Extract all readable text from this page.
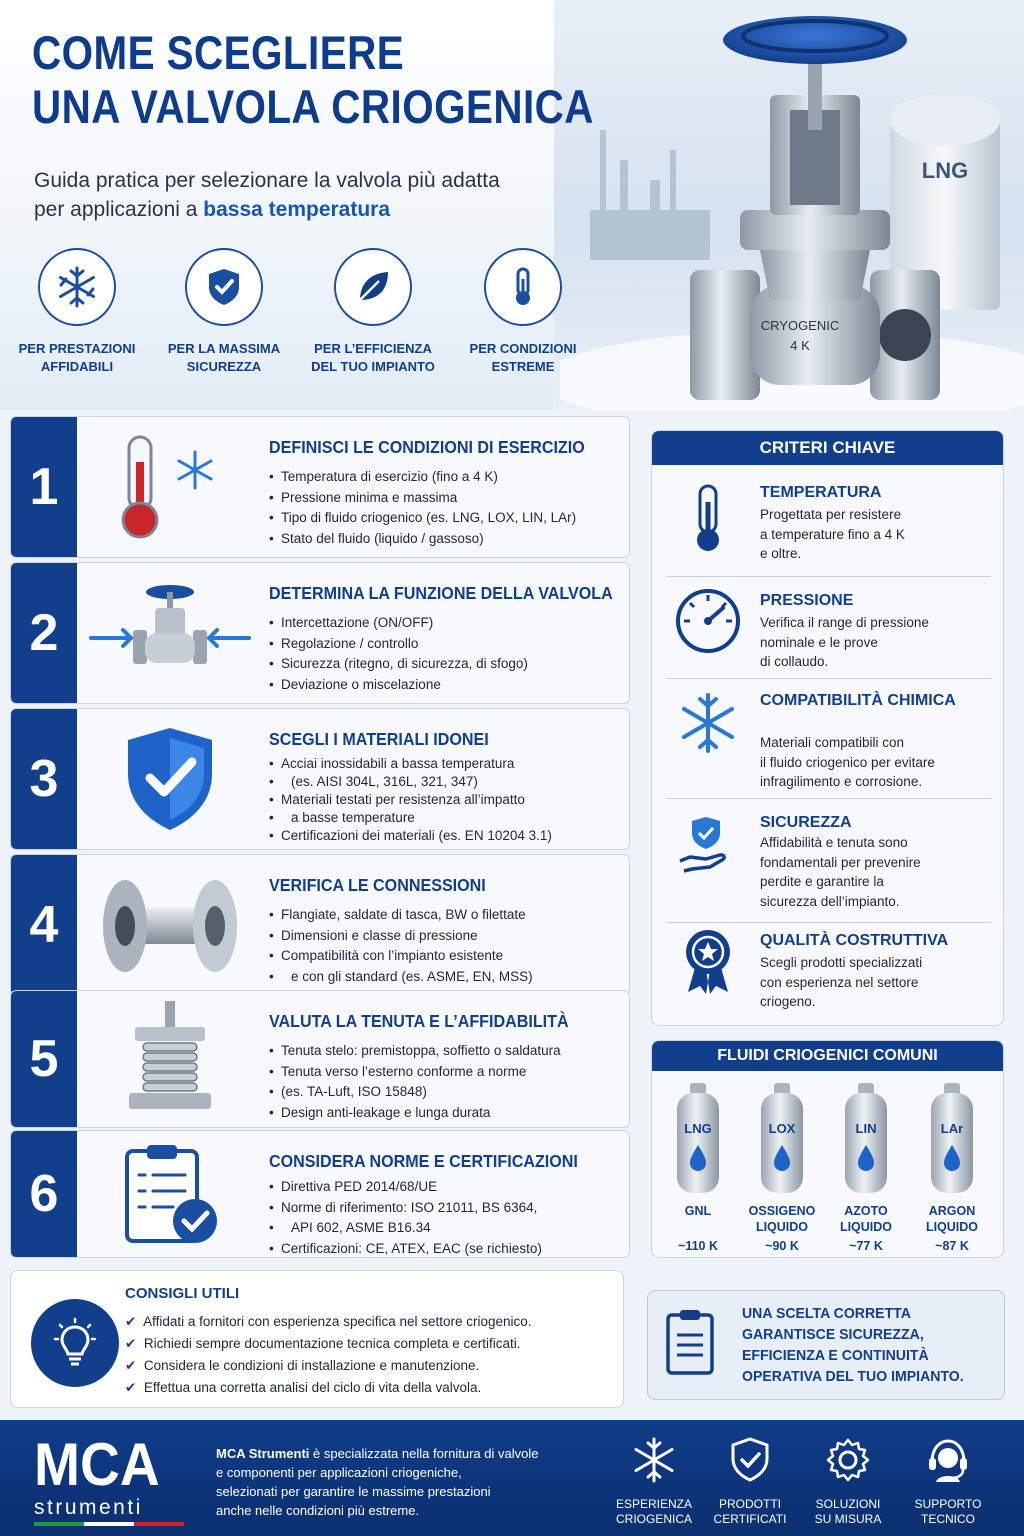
LNG
CRYOGENIC
4 K
COME SCEGLIERE
UNA VALVOLA CRIOGENICA
Guida pratica per selezionare la valvola più adatta
per applicazioni a bassa temperatura
PER PRESTAZIONI
AFFIDABILI
PER LA MASSIMA
SICUREZZA
PER L’EFFICIENZA
DEL TUO IMPIANTO
PER CONDIZIONI
ESTREME
1
DEFINISCI LE CONDIZIONI DI ESERCIZIO
• Temperatura di esercizio (fino a 4 K)
• Pressione minima e massima
• Tipo di fluido criogenico (es. LNG, LOX, LIN, LAr)
• Stato del fluido (liquido / gassoso)
2
DETERMINA LA FUNZIONE DELLA VALVOLA
• Intercettazione (ON/OFF)
• Regolazione / controllo
• Sicurezza (ritegno, di sicurezza, di sfogo)
• Deviazione o miscelazione
3
SCEGLI I MATERIALI IDONEI
• Acciai inossidabili a bassa temperatura
• (es. AISI 304L, 316L, 321, 347)
• Materiali testati per resistenza all’impatto
• a basse temperature
• Certificazioni dei materiali (es. EN 10204 3.1)
4
VERIFICA LE CONNESSIONI
• Flangiate, saldate di tasca, BW o filettate
• Dimensioni e classe di pressione
• Compatibilità con l’impianto esistente
• e con gli standard (es. ASME, EN, MSS)
5
VALUTA LA TENUTA E L’AFFIDABILITÀ
• Tenuta stelo: premistoppa, soffietto o saldatura
• Tenuta verso l’esterno conforme a norme
• (es. TA-Luft, ISO 15848)
• Design anti-leakage e lunga durata
6
CONSIDERA NORME E CERTIFICAZIONI
• Direttiva PED 2014/68/UE
• Norme di riferimento: ISO 21011, BS 6364,
• API 602, ASME B16.34
• Certificazioni: CE, ATEX, EAC (se richiesto)
CRITERI CHIAVE
TEMPERATURA
Progettata per resistere
a temperature fino a 4 K
e oltre.
PRESSIONE
Verifica il range di pressione
nominale e le prove
di collaudo.
COMPATIBILITÀ CHIMICA
Materiali compatibili con
il fluido criogenico per evitare
infragilimento e corrosione.
SICUREZZA
Affidabilità e tenuta sono
fondamentali per prevenire
perdite e garantire la
sicurezza dell’impianto.
QUALITÀ COSTRUTTIVA
Scegli prodotti specializzati
con esperienza nel settore
criogeno.
FLUIDI CRIOGENICI COMUNI
LNG
GNL
~110 K
LOX
OSSIGENO
LIQUIDO
~90 K
LIN
AZOTO
LIQUIDO
~77 K
LAr
ARGON
LIQUIDO
~87 K
CONSIGLI UTILI
✔ Affidati a fornitori con esperienza specifica nel settore criogenico.
✔ Richiedi sempre documentazione tecnica completa e certificati.
✔ Considera le condizioni di installazione e manutenzione.
✔ Effettua una corretta analisi del ciclo di vita della valvola.
UNA SCELTA CORRETTA
GARANTISCE SICUREZZA,
EFFICIENZA E CONTINUITÀ
OPERATIVA DEL TUO IMPIANTO.
MCA
strumenti
MCA Strumenti è specializzata nella fornitura di valvole
e componenti per applicazioni criogeniche,
selezionati per garantire le massime prestazioni
anche nelle condizioni più estreme.	ESPERIENZA
CRIOGENICA
PRODOTTI
CERTIFICATI
SOLUZIONI
SU MISURA
SUPPORTO
TECNICO
